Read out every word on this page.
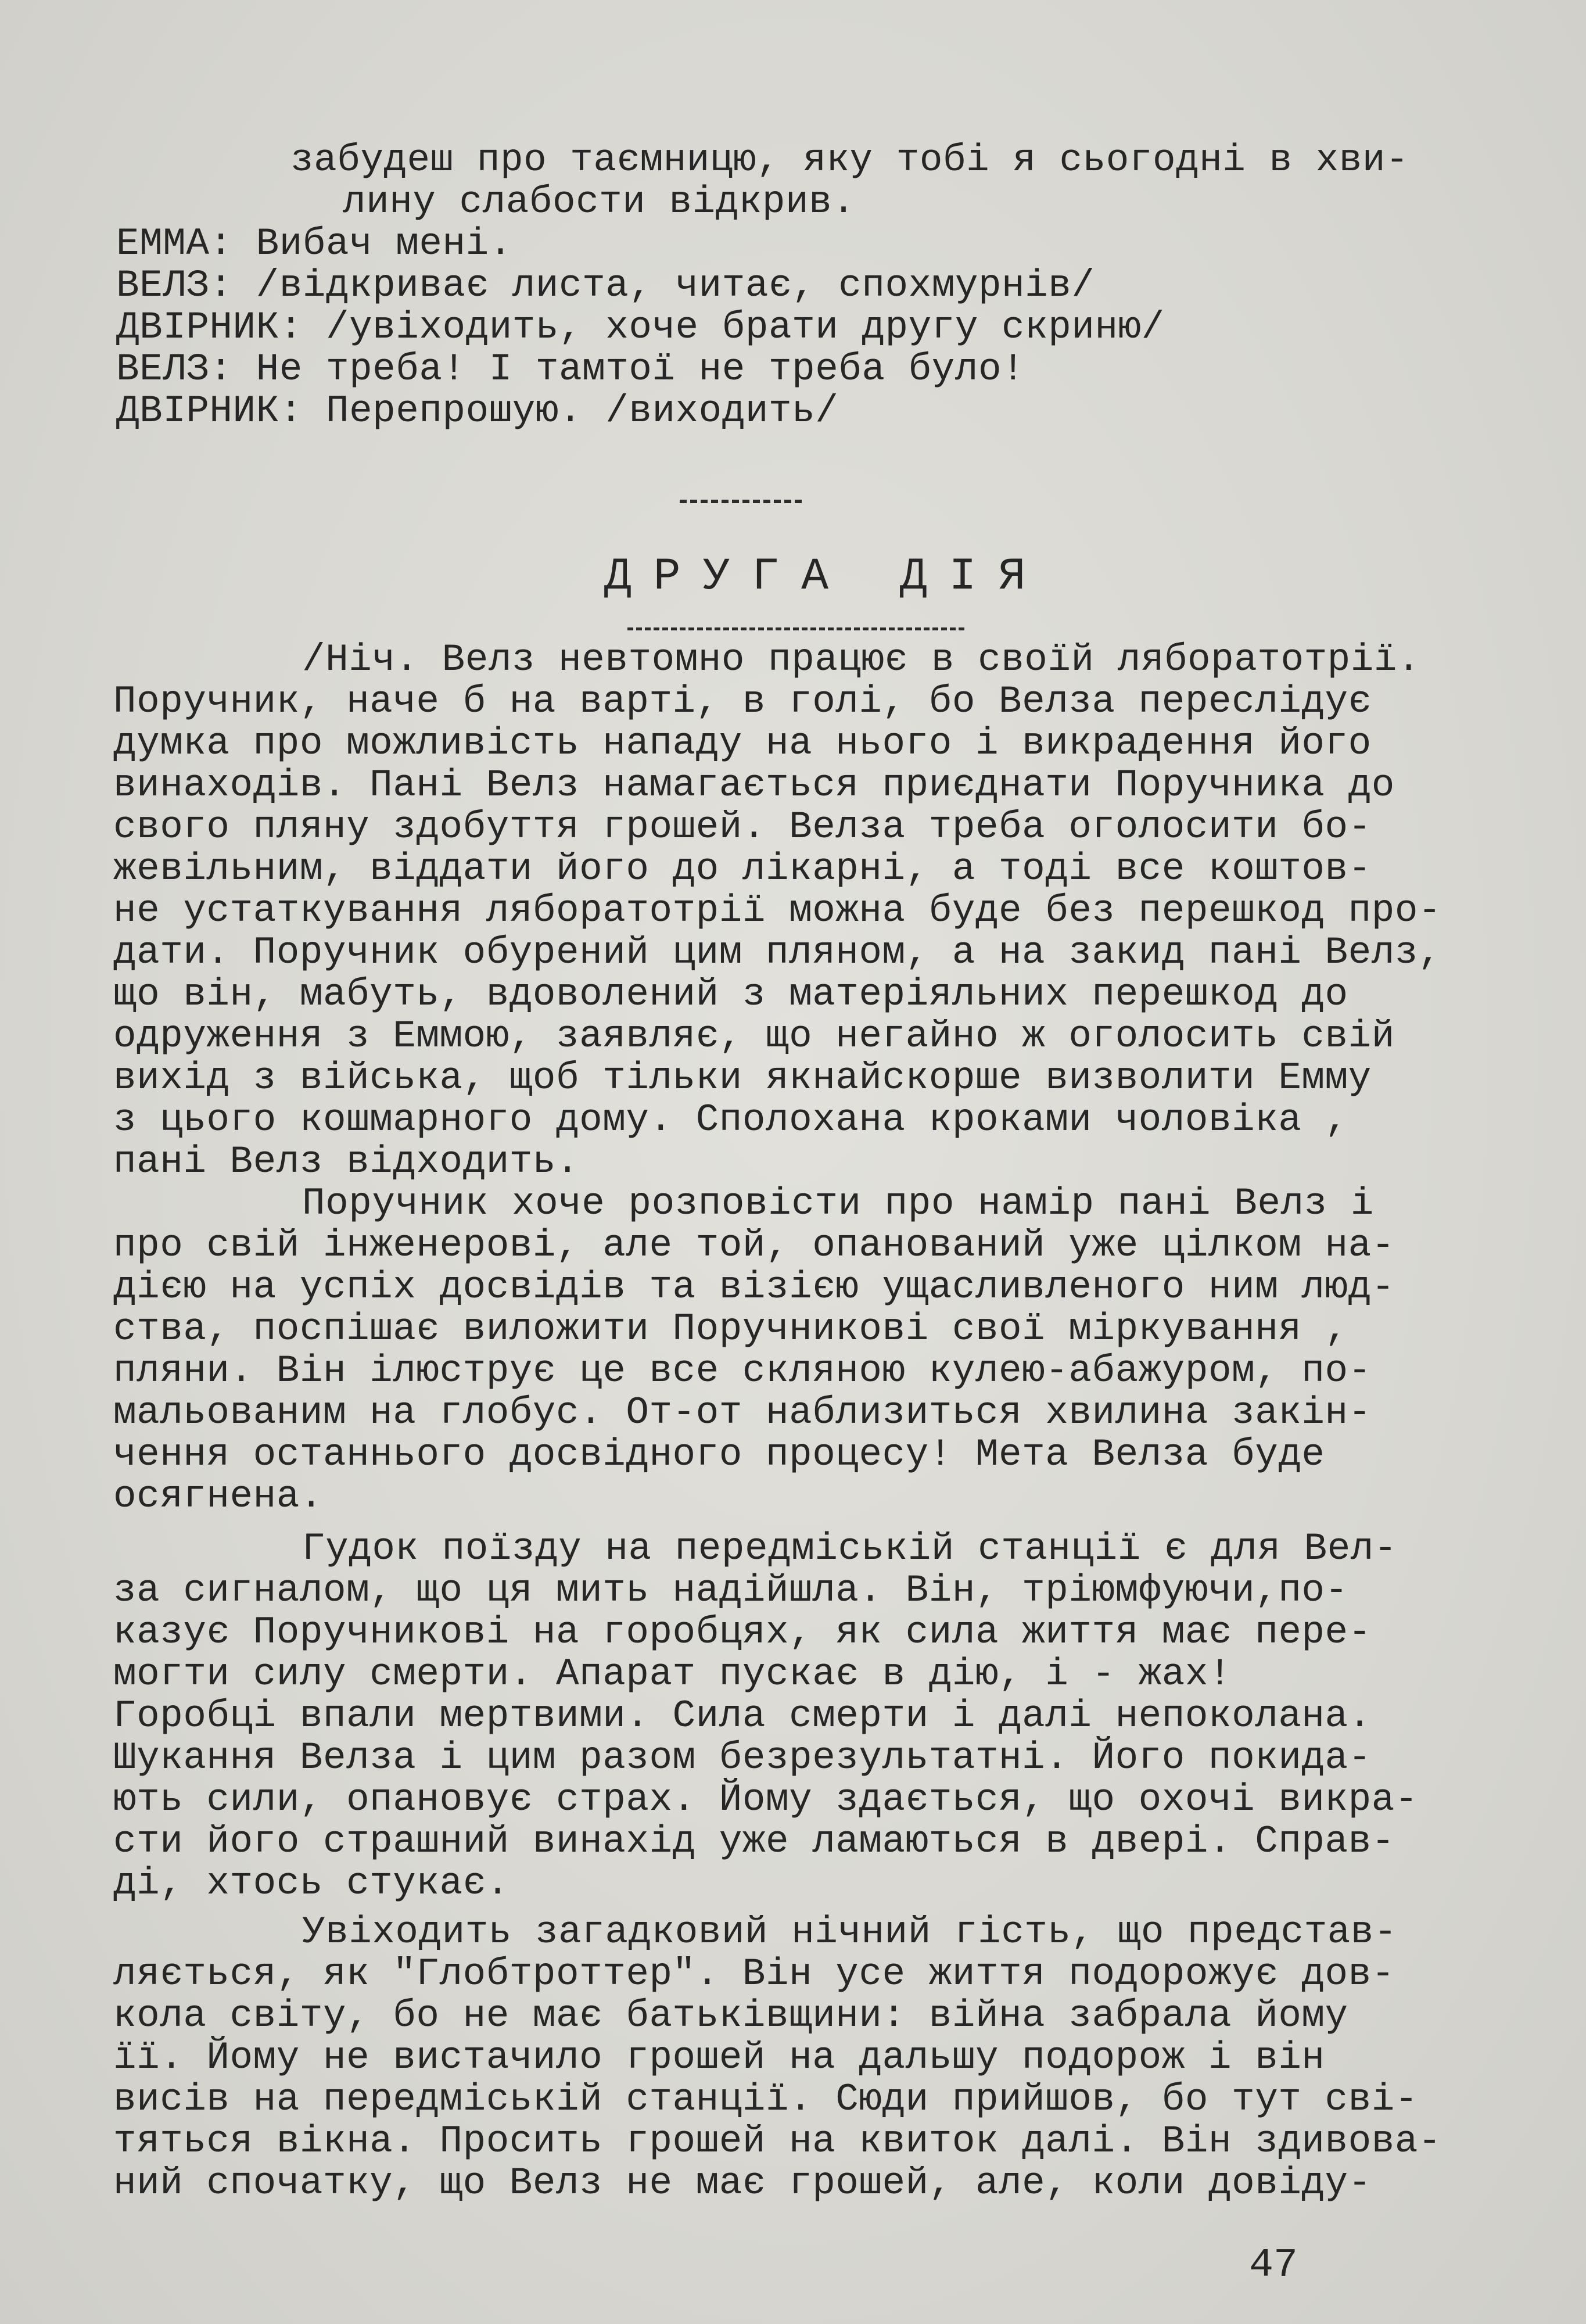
забудеш про таємницю, яку тобі я сьогодні в хви-
лину слабости відкрив.
ЕММА: Вибач мені.
ВЕЛЗ: /відкриває листа, читає, спохмурнів/
ДВІРНИК: /увіходить, хоче брати другу скриню/
ВЕЛЗ: Не треба! І тамтої не треба було!
ДВІРНИК: Перепрошую. /виходить/
ДРУГА ДІЯ
/Ніч. Велз невтомно працює в своїй ляборатотрії.
Поручник, наче б на варті, в голі, бо Велза переслідує
думка про можливість нападу на нього і викрадення його
винаходів. Пані Велз намагається приєднати Поручника до
свого пляну здобуття грошей. Велза треба оголосити бо-
жевільним, віддати його до лікарні, а тоді все коштов-
не устаткування ляборатотрії можна буде без перешкод про-
дати. Поручник обурений цим пляном, а на закид пані Велз,
що він, мабуть, вдоволений з матеріяльних перешкод до
одруження з Еммою, заявляє, що негайно ж оголосить свій
вихід з війська, щоб тільки якнайскорше визволити Емму
з цього кошмарного дому. Сполохана кроками чоловіка ,
пані Велз відходить.
Поручник хоче розповісти про намір пані Велз і
про свій інженерові, але той, опанований уже цілком на-
дією на успіх досвідів та візією ущасливленого ним люд-
ства, поспішає виложити Поручникові свої міркування ,
пляни. Він ілюструє це все скляною кулею-абажуром, по-
мальованим на глобус. От-от наблизиться хвилина закін-
чення останнього досвідного процесу! Мета Велза буде
осягнена.
Гудок поїзду на передміській станції є для Вел-
за сигналом, що ця мить надійшла. Він, тріюмфуючи,по-
казує Поручникові на горобцях, як сила життя має пере-
могти силу смерти. Апарат пускає в дію, і - жах!
Горобці впали мертвими. Сила смерти і далі непоколана.
Шукання Велза і цим разом безрезультатні. Його покида-
ють сили, опановує страх. Йому здається, що охочі викра-
сти його страшний винахід уже ламаються в двері. Справ-
ді, хтось стукає.
Увіходить загадковий нічний гість, що представ-
ляється, як "Глобтроттер". Він усе життя подорожує дов-
кола світу, бо не має батьківщини: війна забрала йому
її. Йому не вистачило грошей на дальшу подорож і він
висів на передміській станції. Сюди прийшов, бо тут сві-
тяться вікна. Просить грошей на квиток далі. Він здивова-
ний спочатку, що Велз не має грошей, але, коли довіду-
47
